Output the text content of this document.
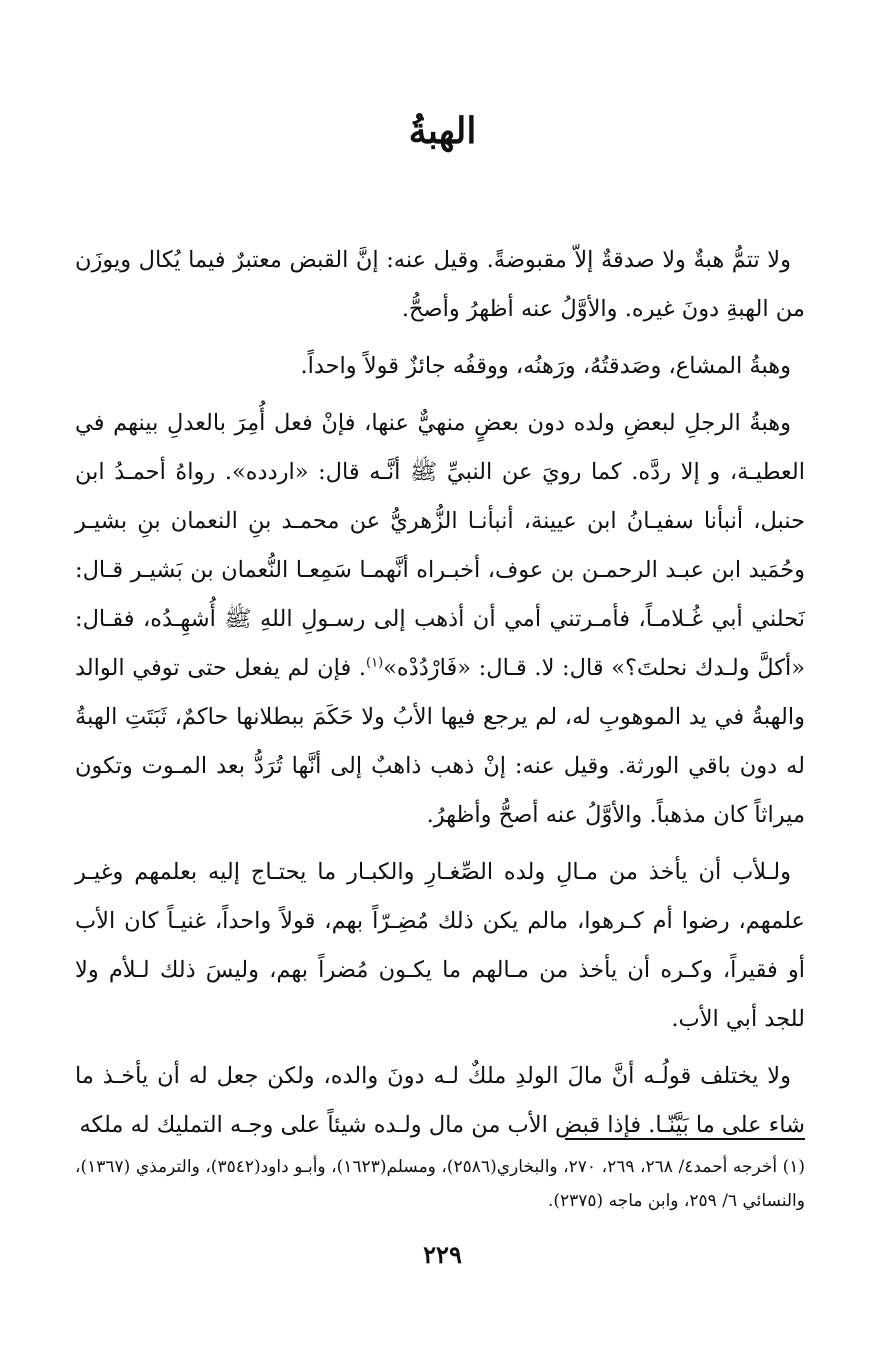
الهبةُ

ولا تتمُّ هبةٌ ولا صدقةٌ إلاّ مقبوضةً. وقيل عنه: إنَّ القبض معتبرٌ فيما يُكال ويوزَن من الهبةِ دونَ غيره. والأوَّلُ عنه أظهرُ وأصحُّ.

وهبةُ المشاع، وصَدقتُهُ، ورَهنُه، ووقفُه جائزٌ قولاً واحداً.

وهبةُ الرجلِ لبعضِ ولده دون بعضٍ منهيٌّ عنها، فإنْ فعل أُمِرَ بالعدلِ بينهم في العطيـة، و إلا ردَّه. كما رويَ عن النبيِّ ﷺ أنَّـه قال: «اردده». رواهُ أحمـدُ ابن حنبل، أنبأنا سفيـانُ ابن عيينة، أنبأنـا الزُّهريُّ عن محمـد بنِ النعمان بنِ بشيـر وحُمَيد ابن عبـد الرحمـن بن عوف، أخبـراه أنَّهمـا سَمِعـا النُّعمان بن بَشيـر قـال: نَحلني أبي غُـلامـاً، فأمـرتني أمي أن أذهب إلى رسـولِ اللهِ ﷺ أُشهِـدُه، فقـال: «أكلَّ ولـدك نحلتَ؟» قال: لا. قـال: «فَارْدُدْه»$^{(١)}$. فإن لم يفعل حتى توفي الوالد والهبةُ في يد الموهوبِ له، لم يرجع فيها الأبُ ولا حَكَمَ ببطلانها حاكمٌ، ثَبَتَتِ الهبةُ له دون باقي الورثة. وقيل عنه: إنْ ذهب ذاهبٌ إلى أنَّها تُرَدُّ بعد المـوت وتكون ميراثاً كان مذهباً. والأوَّلُ عنه أصحُّ وأظهرُ.

ولـلأب أن يأخذ من مـالِ ولده الصِّغـارِ والكبـار ما يحتـاج إليه بعلمهم وغيـر علمهم، رضوا أم كـرهوا، مالم يكن ذلك مُضِـرّاً بهم، قولاً واحداً، غنيـاً كان الأب أو فقيراً، وكـره أن يأخذ من مـالهم ما يكـون مُضراً بهم، وليسَ ذلك لـلأم ولا للجد أبي الأب.

ولا يختلف قولُـه أنَّ مالَ الولدِ ملكٌ لـه دونَ والده، ولكن جعل له أن يأخـذ ما شاء على ما بَيَّنّـا. فإذا قبض الأب من مال ولـده شيئاً على وجـه التمليك له ملكه

(١) أخرجه أحمد٤/ ٢٦٨، ٢٦٩، ٢٧٠، والبخاري(٢٥٨٦)، ومسلم(١٦٢٣)، وأبـو داود(٣٥٤٢)، والترمذي (١٣٦٧)، والنسائي ٦/ ٢٥٩، وابن ماجه (٢٣٧٥).

٢٢٩
